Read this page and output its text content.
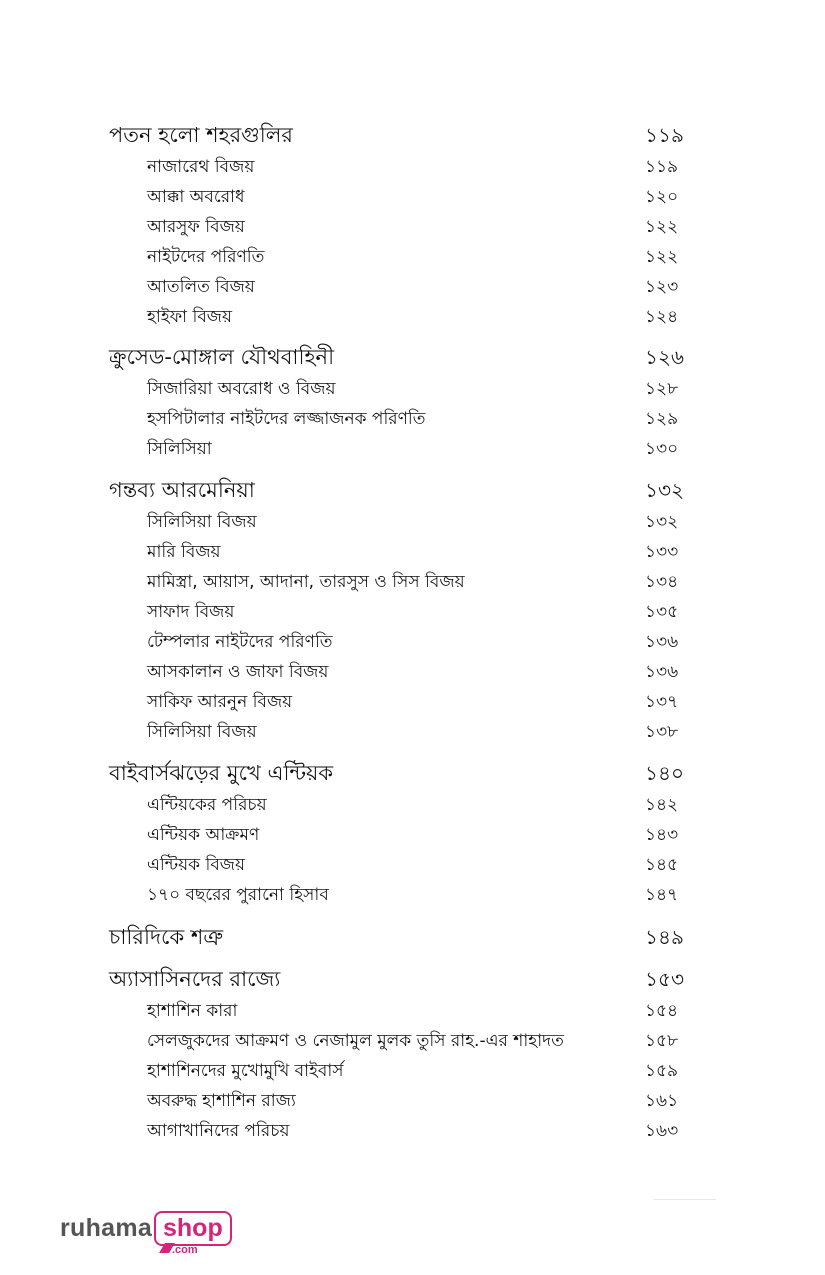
পতন হলো শহরগুলির	১১৯
নাজারেথ বিজয়	১১৯
আক্কা অবরোধ	১২০
আরসুফ বিজয়	১২২
নাইটদের পরিণতি	১২২
আতলিত বিজয়	১২৩
হাইফা বিজয়	১২৪
ক্রুসেড-মোঙ্গাল যৌথবাহিনী	১২৬
সিজারিয়া অবরোধ ও বিজয়	১২৮
হসপিটালার নাইটদের লজ্জাজনক পরিণতি	১২৯
সিলিসিয়া	১৩০
গন্তব্য আরমেনিয়া	১৩২
সিলিসিয়া বিজয়	১৩২
মারি বিজয়	১৩৩
মামিস্ত্রা, আয়াস, আদানা, তারসুস ও সিস বিজয়	১৩৪
সাফাদ বিজয়	১৩৫
টেম্পলার নাইটদের পরিণতি	১৩৬
আসকালান ও জাফা বিজয়	১৩৬
সাকিফ আরনুন বিজয়	১৩৭
সিলিসিয়া বিজয়	১৩৮
বাইবার্সঝড়ের মুখে এন্টিয়ক	১৪০
এন্টিয়কের পরিচয়	১৪২
এন্টিয়ক আক্রমণ	১৪৩
এন্টিয়ক বিজয়	১৪৫
১৭০ বছরের পুরানো হিসাব	১৪৭
চারিদিকে শত্রু	১৪৯
অ্যাসাসিনদের রাজ্যে	১৫৩
হাশাশিন কারা	১৫৪
সেলজুকদের আক্রমণ ও নেজামুল মুলক তুসি রাহ.-এর শাহাদত	১৫৮
হাশাশিনদের মুখোমুখি বাইবার্স	১৫৯
অবরুদ্ধ হাশাশিন রাজ্য	১৬১
আগাখানিদের পরিচয়	১৬৩
ruhama shop
.com
